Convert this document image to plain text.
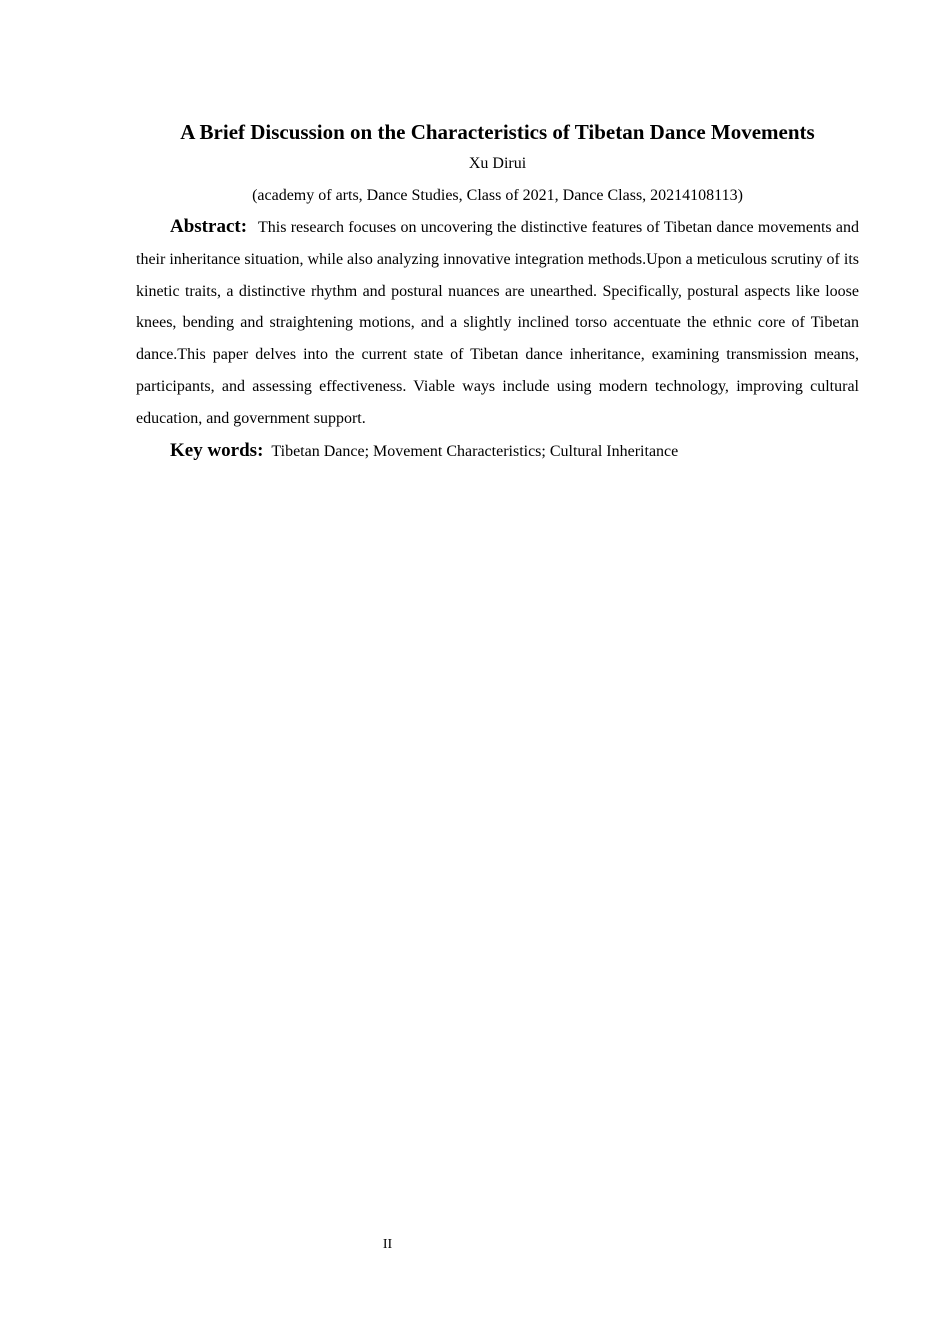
A Brief Discussion on the Characteristics of Tibetan Dance Movements
Xu Dirui
(academy of arts, Dance Studies, Class of 2021, Dance Class, 20214108113)

Abstract: This research focuses on uncovering the distinctive features of Tibetan dance movements and their inheritance situation, while also analyzing innovative integration methods.Upon a meticulous scrutiny of its kinetic traits, a distinctive rhythm and postural nuances are unearthed. Specifically, postural aspects like loose knees, bending and straightening motions, and a slightly inclined torso accentuate the ethnic core of Tibetan dance.This paper delves into the current state of Tibetan dance inheritance, examining transmission means, participants, and assessing effectiveness. Viable ways include using modern technology, improving cultural education, and government support.

Key words: Tibetan Dance; Movement Characteristics; Cultural Inheritance

II
